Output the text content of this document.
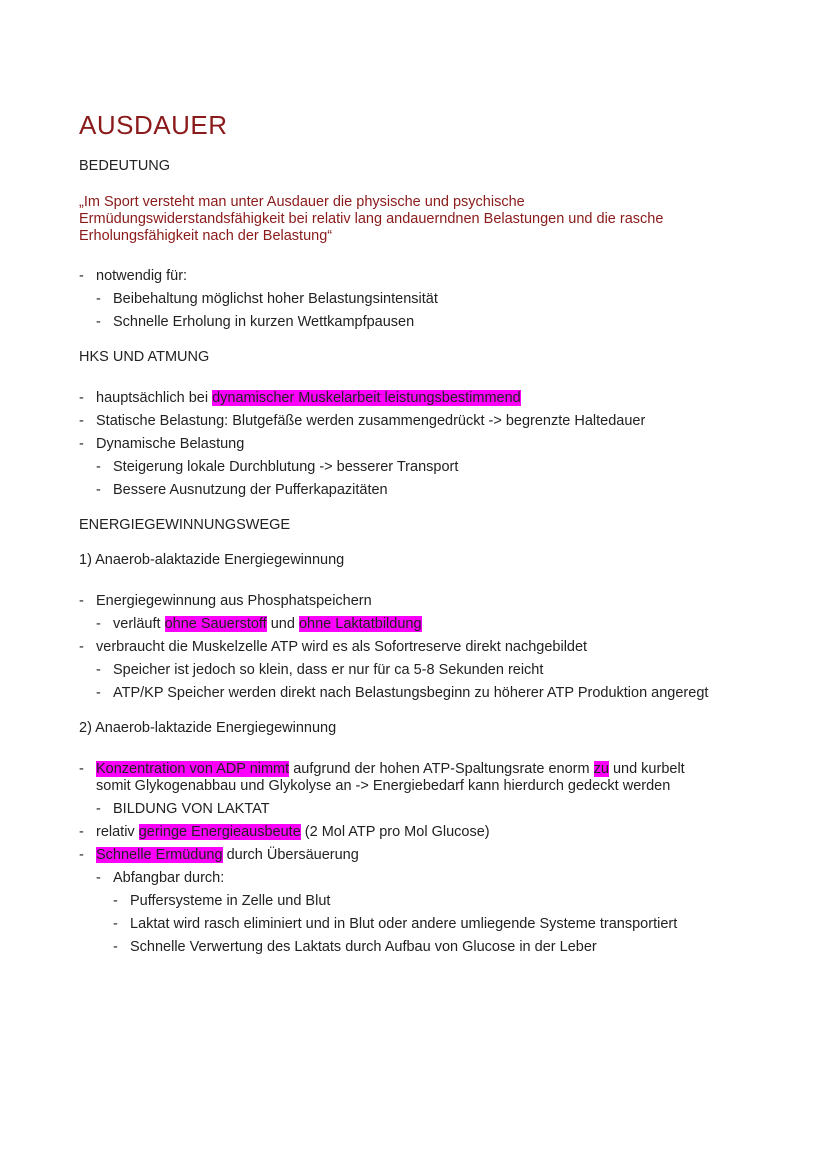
AUSDAUER
BEDEUTUNG
„Im Sport versteht man unter Ausdauer die physische und psychische Ermüdungswiderstandsfähigkeit bei relativ lang andauerndnen Belastungen und die rasche Erholungsfähigkeit nach der Belastung“
- notwendig für:
- Beibehaltung möglichst hoher Belastungsintensität
- Schnelle Erholung in kurzen Wettkampfpausen
HKS UND ATMUNG
- hauptsächlich bei dynamischer Muskelarbeit leistungsbestimmend
- Statische Belastung: Blutgefäße werden zusammengedrückt -> begrenzte Haltedauer
- Dynamische Belastung
- Steigerung lokale Durchblutung -> besserer Transport
- Bessere Ausnutzung der Pufferkapazitäten
ENERGIEGEWINNUNGSWEGE
1) Anaerob-alaktazide Energiegewinnung
- Energiegewinnung aus Phosphatspeichern
- verläuft ohne Sauerstoff und ohne Laktatbildung
- verbraucht die Muskelzelle ATP wird es als Sofortreserve direkt nachgebildet
- Speicher ist jedoch so klein, dass er nur für ca 5-8 Sekunden reicht
- ATP/KP Speicher werden direkt nach Belastungsbeginn zu höherer ATP Produktion angeregt
2) Anaerob-laktazide Energiegewinnung
- Konzentration von ADP nimmt aufgrund der hohen ATP-Spaltungsrate enorm zu und kurbelt
somit Glykogenabbau und Glykolyse an -> Energiebedarf kann hierdurch gedeckt werden
- BILDUNG VON LAKTAT
- relativ geringe Energieausbeute (2 Mol ATP pro Mol Glucose)
- Schnelle Ermüdung durch Übersäuerung
- Abfangbar durch:
- Puffersysteme in Zelle und Blut
- Laktat wird rasch eliminiert und in Blut oder andere umliegende Systeme transportiert
- Schnelle Verwertung des Laktats durch Aufbau von Glucose in der Leber
